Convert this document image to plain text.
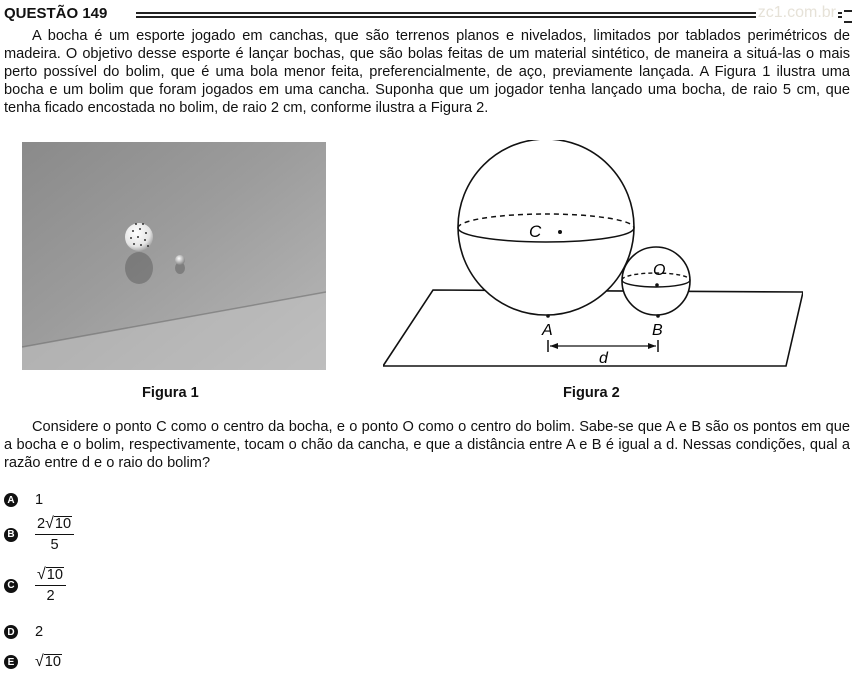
QUESTÃO 149	zc1.com.br
A bocha é um esporte jogado em canchas, que são terrenos planos e nivelados, limitados por tablados perimétricos de madeira. O objetivo desse esporte é lançar bochas, que são bolas feitas de um material sintético, de maneira a situá-las o mais perto possível do bolim, que é uma bola menor feita, preferencialmente, de aço, previamente lançada. A Figura 1 ilustra uma bocha e um bolim que foram jogados em uma cancha. Suponha que um jogador tenha lançado uma bocha, de raio 5 cm, que tenha ficado encostada no bolim, de raio 2 cm, conforme ilustra a Figura 2.
C
O
A	B
d
Figura 1	Figura 2
Considere o ponto C como o centro da bocha, e o ponto O como o centro do bolim. Sabe-se que A e B são os pontos em que a bocha e o bolim, respectivamente, tocam o chão da cancha, e que a distância entre A e B é igual a d. Nessas condições, qual a razão entre d e o raio do bolim?
A 1
B $\frac{2 √ 10}{5}$
C $\frac{√ 10}{2}$
D 2
E √ 10
